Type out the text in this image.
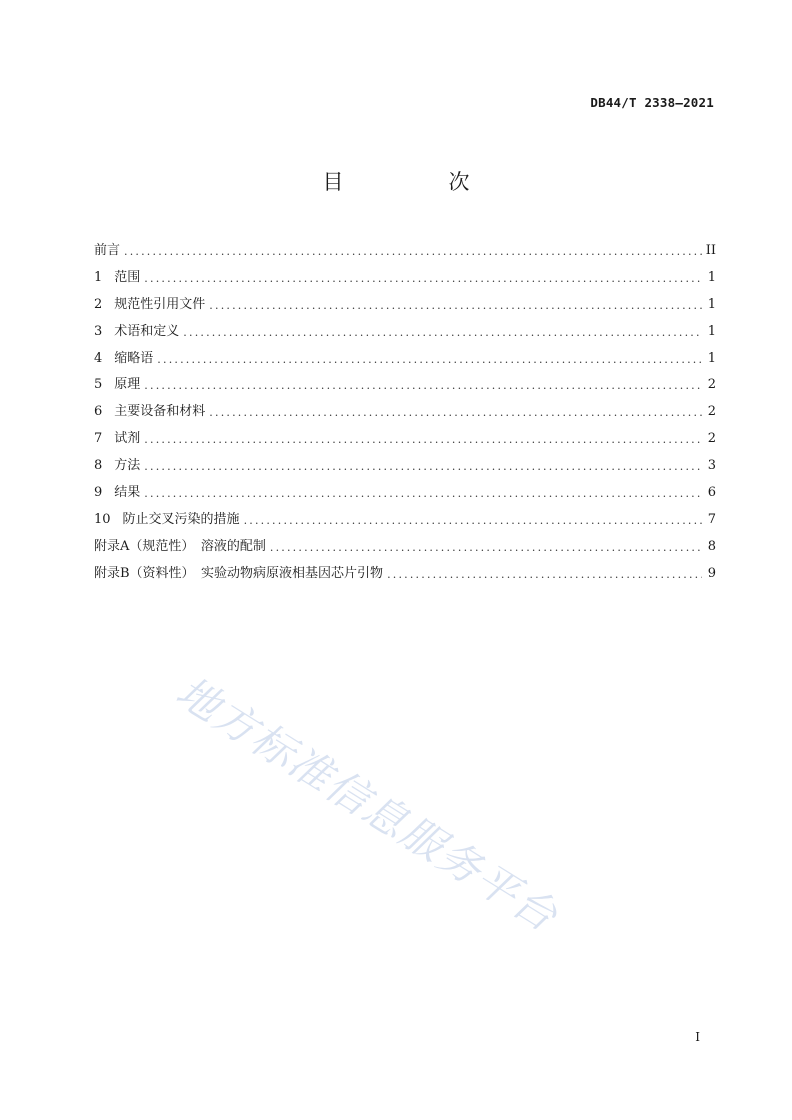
DB44/T 2338—2021
目　次
前言 .....	II
1 范围 .....	1
2 规范性引用文件 .....	1
3 术语和定义 .....	1
4 缩略语 .....	1
5 原理 .....	2
6 主要设备和材料 .....	2
7 试剂 .....	2
8 方法 .....	3
9 结果 .....	6
10 防止交叉污染的措施 .....	7
附录A（规范性）　溶液的配制 .....	8
附录B（资料性）　实验动物病原液相基因芯片引物 .....	9
地方标准信息服务平台
I
